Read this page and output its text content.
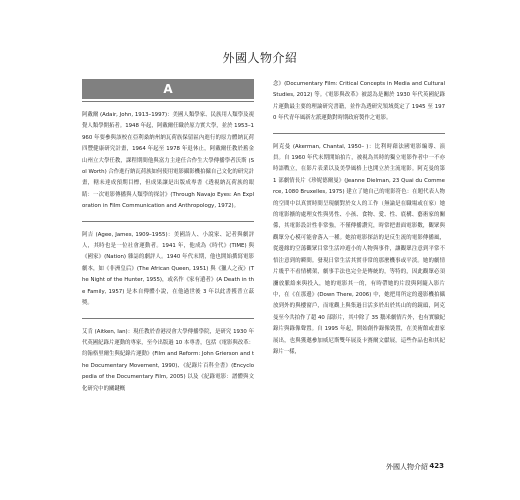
外國人物介紹
A
阿戴爾 (Adair, John, 1913–1997)：美國人類學家、民族用人類學及視覺人類學開拓者。1948 年起，阿戴爾任職於原力實大學，並於 1953–1960 年要參與該校在亞利桑納州納瓦荷族保留區內進行的原力體納瓦荷四豐健康研究計畫，1964 年起至 1978 年退休止，阿戴爾任教於舊金山州立大學任教，課程期間他與富力主達任合作生大學傳播學者沃斯 (Sol Worth) 合作進行納瓦荷族如何使用電影攝影機拍攝自己文化的研究計畫，轄未達成預期目標，但成果讓是出版成專書《透視納瓦荷族的眼睛：一次電影傳播與人類學的探討》(Through Navajo Eyes: An Exploration in Film Communication and Anthropology, 1972)。
阿吉 (Agee, James, 1909–1955)：美國詩人、小說家、記者與劇評人，其時也是一位社會運動者。1941 年，他成為《時代》(TIME) 與《國家》(Nation) 雜誌的劇評人。1940 年代末期，他也開始撰寫電影劇本，如《非洲皇后》(The African Queen, 1951) 與《獵人之夜》(The Night of the Hunter, 1955)，或名作《家有遺者》(A Death in the Family, 1957) 是本自傳體小說，在他過世後 3 年以此書獲普立茲獎。
艾肯 (Aitken, Ian)：現任教於香港浸會大學傳播學院，是研究 1930 年代英國紀錄片運動的專家，至今出版過 10 本專書，包括《電影與改革：約翰格里爾生與紀錄片運動》(Film and Reform: John Grierson and the Documentary Movement, 1990)、《紀錄片百科全書》(Encyclopedia of the Documentary Film, 2005) 以及《紀錄電影：譜體與文化研究中的關鍵概
念》(Documentary Film: Critical Concepts in Media and Cultural Studies, 2012) 等。《電影與改革》被認為是關於 1930 年代英國紀錄片運動最主要的理論研究書籍，並作為透研究領域奠定了 1945 至 1970 年代青年風新左派運動對時期政府製作之電影。
阿克曼 (Akerman, Chantal, 1950– )：比利時藉法國電影編導、演員。自 1960 年代末期開始拍片，被視為其時的獨立電影作者中一不亦時語戰立，在影片表業以及美學風格上也開立於主流電影。阿克曼的第 1 部劇情長片《珍妮德爾曼》(Jeanne Dielman, 23 Quai du Commerce, 1080 Bruxelles, 1975) 建立了她自己的電影符色：在題代表人物的空間中以真實時間呈現劇對於女人的工作（無論是在職場或在家）她的電影擴的處理女性與男性、小孩、食物、愛、性、底構、藝術家的關係，其電影設計性非常強，不僅傳播讚究，時常把畫面電影數，觀眾與觀眾分心模可能會落入一種。她拍電影探訪的是反生流的電影傳播風，從邊緣的空蕩觀眾目常生活冲遊小的人物與事件，讓觀眾注意到平常不悟注意到的瞬間。發現日常生活其實非常的那麼機事或平淡。她的劇情片幾乎不看情構架，劇事手法也完全是傳統的，等特的，因此觀眾必須瀰放脈絡來與投入，她的電影其一的，有時帶她的片段與阿隨入影片中，在《在那邊》(Down There, 2006) 中，她把用所定的邊影機拍攝放到外的與樓窗戶，而電觀上與集過日活多於出於其山的的鏡頭，阿克曼至今共拍作了超 40 部影片，其中除了 35 鵝米劇情片外，也有實驗紀錄片與錄像聲置。自 1995 年起，開始創作錄像裝置，在美術館或畫家展出，也與獲邀參加威尼斯雙年展及卡賽爾文獻展，這些作品也和其紀錄片一樣，
外國人物介紹 423
